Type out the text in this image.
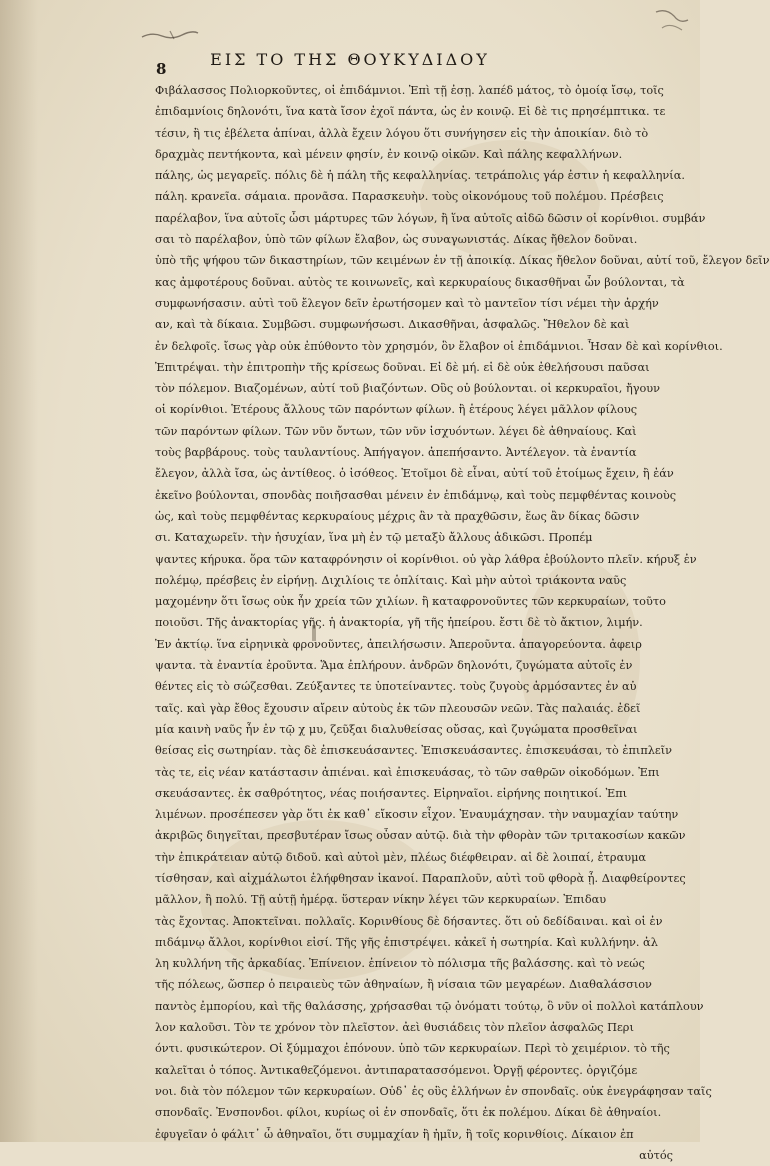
8	ΕΙΣ ΤΟ ΤΗΣ ΘΟΥΚΥΔΙΔΟΥ
Φιβάλασσος Πολιορκοῦντες, οἱ ἐπιδάμνιοι. Ἐπὶ τῇ ἐσῃ. λαπέδ μάτος, τὸ ὁμοίᾳ ἴσῳ, τοῖς
ἐπιδαμνίοις δηλονότι, ἵνα κατὰ ἴσον ἐχοῖ πάντα, ὡς ἐν κοινῷ. Εἰ δὲ τις πρησέμπτικα. τε
τέσιν, ἢ τις ἐβέλετα ἀπίναι, ἀλλὰ ἔχειν λόγου ὅτι συνήγησεν εἰς τὴν ἀποικίαν. διὸ τὸ
δραχμὰς πεντήκοντα, καὶ μένειν φησίν, ἐν κοινῷ οἰκῶν. Καὶ πάλης κεφαλλήνων.
πάλης, ὡς μεγαρεῖς. πόλις δὲ ἡ πάλη τῆς κεφαλληνίας. τετράπολις γάρ ἐστιν ἡ κεφαλληνία.
πάλη. κρανεῖα. σάμαια. προνᾶσα. Παρασκευὴν. τοὺς οἰκονόμους τοῦ πολέμου. Πρέσβεις
παρέλαβον, ἵνα αὐτοῖς ὦσι μάρτυρες τῶν λόγων, ἢ ἵνα αὐτοῖς αἰδῶ δῶσιν οἱ κορίνθιοι. συμβάν
σαι τὸ παρέλαβον, ὑπὸ τῶν φίλων ἔλαβον, ὡς συναγωνιστάς. Δίκας ἤθελον δοῦναι.
ὑπὸ τῆς ψήφου τῶν δικαστηρίων, τῶν κειμένων ἐν τῇ ἀποικίᾳ. Δίκας ἤθελον δοῦναι, αὐτί τοῦ, ἔλεγον δεῖν
κας ἀμφοτέρους δοῦναι. αὐτὸς τε κοινωνεῖς, καὶ κερκυραίους δικασθῆναι ὧν βούλονται, τὰ
συμφωνήσασιν. αὐτὶ τοῦ ἔλεγον δεῖν ἐρωτήσομεν καὶ τὸ μαντεῖον τίσι νέμει τὴν ἀρχήν
αν, καὶ τὰ δίκαια. Συμβῶσι. συμφωνήσωσι. Δικασθῆναι, ἀσφαλῶς. Ἤθελον δὲ καὶ
ἐν δελφοῖς. ἴσως γὰρ οὐκ ἐπύθοντο τὸν χρησμόν, ὃν ἔλαβον οἱ ἐπιδάμνιοι. Ἦσαν δὲ καὶ κορίνθιοι.
Ἐπιτρέψαι. τὴν ἐπιτροπὴν τῆς κρίσεως δοῦναι. Εἰ δὲ μή. εἰ δὲ οὐκ ἐθελήσουσι παῦσαι
τὸν πόλεμον. Βιαζομένων, αὐτί τοῦ βιαζόντων. Οὓς οὐ βούλονται. οἱ κερκυραῖοι, ἤγουν
οἱ κορίνθιοι. Ἑτέρους ἄλλους τῶν παρόντων φίλων. ἢ ἑτέρους λέγει μᾶλλον φίλους
τῶν παρόντων φίλων. Τῶν νῦν ὄντων, τῶν νῦν ἰσχυόντων. λέγει δὲ ἀθηναίους. Καὶ
τοὺς βαρβάρους. τοὺς ταυλαντίους. Ἀπήγαγον. ἀπεπήσαντο. Ἀντέλεγον. τὰ ἐναντία
ἔλεγον, ἀλλὰ ἴσα, ὡς ἀντίθεος. ὁ ἰσόθεος. Ἑτοῖμοι δὲ εἶναι, αὐτί τοῦ ἑτοίμως ἔχειν, ἢ ἐάν
ἐκεῖνο βούλονται, σπονδὰς ποιῆσασθαι μένειν ἐν ἐπιδάμνῳ, καὶ τοὺς πεμφθέντας κοινοὺς
ὡς, καὶ τοὺς πεμφθέντας κερκυραίους μέχρις ἂν τὰ πραχθῶσιν, ἕως ἂν δίκας δῶσιν
σι. Καταχωρεῖν. τὴν ἡσυχίαν, ἵνα μὴ ἐν τῷ μεταξὺ ἄλλους ἀδικῶσι. Προπέμ
ψαντες κήρυκα. ὅρα τῶν καταφρόνησιν οἱ κορίνθιοι. οὐ γὰρ λάθρα ἐβούλοντο πλεῖν. κήρυξ ἐν
πολέμῳ, πρέσβεις ἐν εἰρήνῃ. Διχιλίοις τε ὁπλίταις. Καὶ μὴν αὐτοὶ τριάκοντα ναῦς
μαχομένην ὅτι ἴσως οὐκ ἦν χρεία τῶν χιλίων. ἢ καταφρονοῦντες τῶν κερκυραίων, τοῦτο
ποιοῦσι. Τῆς ἀνακτορίας γῆς. ἡ ἀνακτορία, γῆ τῆς ἠπείρου. ἔστι δὲ τὸ ἄκτιον, λιμήν.
Ἐν ἀκτίῳ. ἵνα εἰρηνικὰ φρονοῦντες, ἀπειλήσωσιν. Ἀπεροῦντα. ἀπαγορεύοντα. ἀφειρ
ψαντα. τὰ ἐναντία ἐροῦντα. Ἅμα ἐπλήρουν. ἀνδρῶν δηλονότι, ζυγώματα αὐτοῖς ἐν
θέντες εἰς τὸ σώζεσθαι. Ζεύξαντες τε ὑποτείναντες. τοὺς ζυγοὺς ἁρμόσαντες ἐν αὐ
ταῖς. καὶ γὰρ ἔθος ἔχουσιν αἴρειν αὐτοὺς ἐκ τῶν πλεουσῶν νεῶν. Τὰς παλαιάς. ἐδεῖ
μία καινὴ ναῦς ἦν ἐν τῷ χ μυ, ζεῦξαι διαλυθείσας οὔσας, καὶ ζυγώματα προσθεῖναι
θείσας εἰς σωτηρίαν. τὰς δὲ ἐπισκευάσαντες. Ἐπισκευάσαντες. ἐπισκευάσαι, τὸ ἐπιπλεῖν
τὰς τε, εἰς νέαν κατάστασιν ἀπιέναι. καὶ ἐπισκευάσας, τὸ τῶν σαθρῶν οἰκοδόμων. Ἐπι
σκευάσαντες. ἐκ σαθρότητος, νέας ποιήσαντες. Εἰρηναῖοι. εἰρήνης ποιητικοί. Ἐπι
λιμένων. προσέπεσεν γὰρ ὅτι ἐκ καθ᾽ εἴκοσιν εἶχον. Ἐναυμάχησαν. τὴν ναυμαχίαν ταύτην
ἀκριβῶς διηγεῖται, πρεσβυτέραν ἴσως οὖσαν αὐτῷ. διὰ τὴν φθορὰν τῶν τριτακοσίων κακῶν
τὴν ἐπικράτειαν αὐτῷ διδοῦ. καὶ αὐτοὶ μὲν, πλέως διέφθειραν. αἱ δὲ λοιπαί, ἐτραυμα
τίσθησαν, καὶ αἰχμάλωτοι ἐλήφθησαν ἱκανοί. Παραπλοῦν, αὐτὶ τοῦ φθορὰ ᾗ. Διαφθείροντες
μᾶλλον, ἢ πολύ. Τῇ αὐτῇ ἡμέρᾳ. ὕστεραν νίκην λέγει τῶν κερκυραίων. Ἐπιδαυ
τὰς ἔχοντας. Ἀποκτεῖναι. πολλαῖς. Κορινθίους δὲ δήσαντες. ὅτι οὐ δεδίδαιναι. καὶ οἱ ἐν
πιδάμνῳ ἄλλοι, κορίνθιοι εἰσί. Τῆς γῆς ἐπιστρέψει. κἀκεῖ ἡ σωτηρία. Καὶ κυλλήνην. ἀλ
λη κυλλήνη τῆς ἀρκαδίας. Ἐπίνειον. ἐπίνειον τὸ πόλισμα τῆς βαλάσσης. καὶ τὸ νεώς
τῆς πόλεως, ὥσπερ ὁ πειραιεὺς τῶν ἀθηναίων, ἢ νίσαια τῶν μεγαρέων. Διαθαλάσσιον
παντὸς ἐμπορίου, καὶ τῆς θαλάσσης, χρήσασθαι τῷ ὀνόματι τούτῳ, ὃ νῦν οἱ πολλοὶ κατάπλουν
λον καλοῦσι. Τὸν τε χρόνον τὸν πλεῖστον. ἀεὶ θυσιάδεις τὸν πλεῖον ἀσφαλῶς Περι
όντι. φυσικώτερον. Οἱ ξύμμαχοι ἐπόνουν. ὑπὸ τῶν κερκυραίων. Περὶ τὸ χειμέριον. τὸ τῆς
καλεῖται ὁ τόπος. Ἀντικαθεζόμενοι. ἀντιπαρατασσόμενοι. Ὀργῇ φέροντες. ὀργιζόμε
νοι. διὰ τὸν πόλεμον τῶν κερκυραίων. Οὐδ᾽ ἐς οὓς ἑλλήνων ἐν σπονδαῖς. οὐκ ἐνεγράφησαν ταῖς
σπονδαῖς. Ἐνσπονδοι. φίλοι, κυρίως οἱ ἐν σπονδαῖς, ὅτι ἐκ πολέμου. Δίκαι δὲ ἀθηναίοι.
ἐφυγεῖαν ὁ φάλιτ᾽ ὦ ἀθηναῖοι, ὅτι συμμαχίαν ἢ ἡμῖν, ἢ τοῖς κορινθίοις. Δίκαιον ἐπ
αὐτός
